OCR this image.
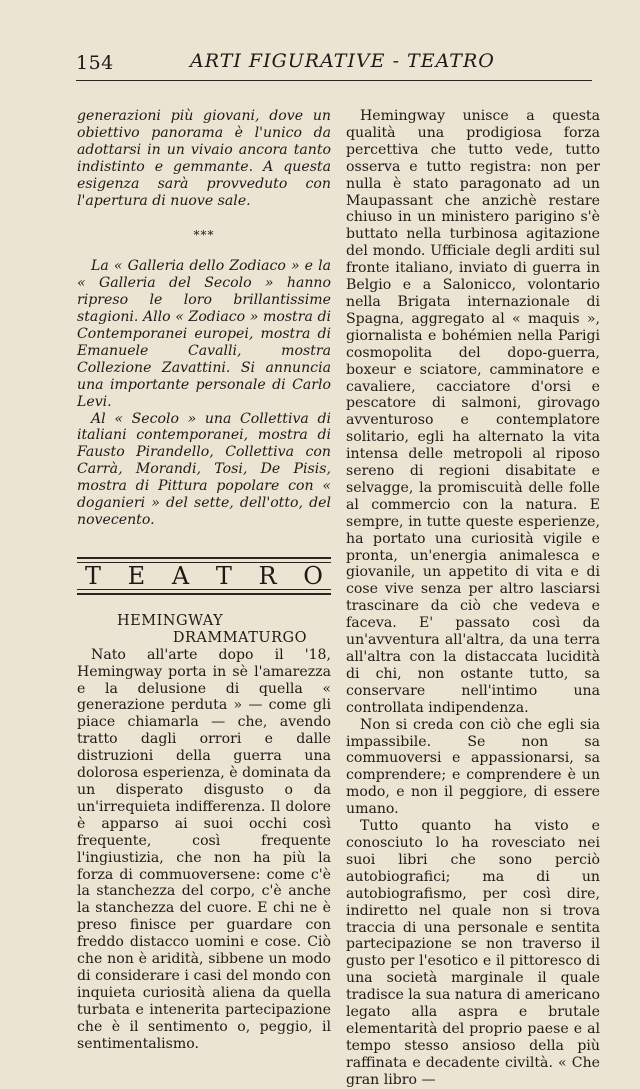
154	ARTI FIGURATIVE - TEATRO

generazioni più giovani, dove un obiettivo panorama è l'unico da adottarsi in un vivaio ancora tanto indistinto e gemmante. A questa esigenza sarà provveduto con l'apertura di nuove sale.

***

La « Galleria dello Zodiaco » e la « Galleria del Secolo » hanno ripreso le loro brillantissime stagioni. Allo « Zodiaco » mostra di Contemporanei europei, mostra di Emanuele Cavalli, mostra Collezione Zavattini. Si annuncia una importante personale di Carlo Levi.

Al « Secolo » una Collettiva di italiani contemporanei, mostra di Fausto Pirandello, Collettiva con Carrà, Morandi, Tosi, De Pisis, mostra di Pittura popolare con « doganieri » del sette, dell'otto, del novecento.

T E A T R O
HEMINGWAY
DRAMMATURGO

Nato all'arte dopo il '18, Hemingway porta in sè l'amarezza e la delusione di quella « generazione perduta » — come gli piace chiamarla — che, avendo tratto dagli orrori e dalle distruzioni della guerra una dolorosa esperienza, è dominata da un disperato disgusto o da un'irrequieta indifferenza. Il dolore è apparso ai suoi occhi così frequente, così frequente l'ingiustizia, che non ha più la forza di commuoversene: come c'è la stanchezza del corpo, c'è anche la stanchezza del cuore. E chi ne è preso finisce per guardare con freddo distacco uomini e cose. Ciò che non è aridità, sibbene un modo di considerare i casi del mondo con inquieta curiosità aliena da quella turbata e intenerita partecipazione che è il sentimento o, peggio, il sentimentalismo.

Hemingway unisce a questa qualità una prodigiosa forza percettiva che tutto vede, tutto osserva e tutto registra: non per nulla è stato paragonato ad un Maupassant che anzichè restare chiuso in un ministero parigino s'è buttato nella turbinosa agitazione del mondo. Ufficiale degli arditi sul fronte italiano, inviato di guerra in Belgio e a Salonicco, volontario nella Brigata internazionale di Spagna, aggregato al « maquis », giornalista e bohémien nella Parigi cosmopolita del dopo-guerra, boxeur e sciatore, camminatore e cavaliere, cacciatore d'orsi e pescatore di salmoni, girovago avventuroso e contemplatore solitario, egli ha alternato la vita intensa delle metropoli al riposo sereno di regioni disabitate e selvagge, la promiscuità delle folle al commercio con la natura. E sempre, in tutte queste esperienze, ha portato una curiosità vigile e pronta, un'energia animalesca e giovanile, un appetito di vita e di cose vive senza per altro lasciarsi trascinare da ciò che vedeva e faceva. E' passato così da un'avventura all'altra, da una terra all'altra con la distaccata lucidità di chi, non ostante tutto, sa conservare nell'intimo una controllata indipendenza.

Non si creda con ciò che egli sia impassibile. Se non sa commuoversi e appassionarsi, sa comprendere; e comprendere è un modo, e non il peggiore, di essere umano.

Tutto quanto ha visto e conosciuto lo ha rovesciato nei suoi libri che sono perciò autobiografici; ma di un autobiografismo, per così dire, indiretto nel quale non si trova traccia di una personale e sentita partecipazione se non traverso il gusto per l'esotico e il pittoresco di una società marginale il quale tradisce la sua natura di americano legato alla aspra e brutale elementarità del proprio paese e al tempo stesso ansioso della più raffinata e decadente civiltà. « Che gran libro —
